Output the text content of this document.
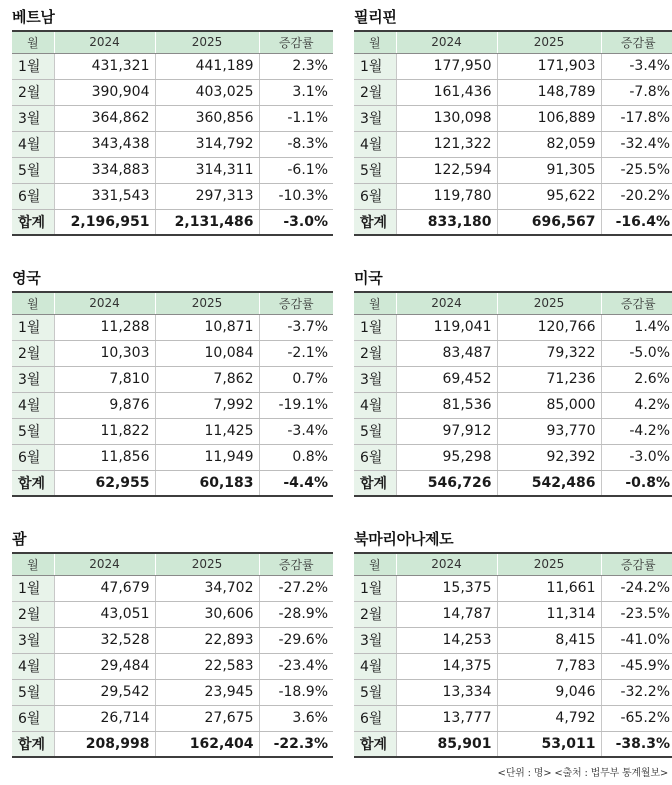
베트남
월	2024	2025	증감률
1월	431,321	441,189	2.3%
2월	390,904	403,025	3.1%
3월	364,862	360,856	-1.1%
4월	343,438	314,792	-8.3%
5월	334,883	314,311	-6.1%
6월	331,543	297,313	-10.3%
합계	2,196,951	2,131,486	-3.0%
필리핀
월	2024	2025	증감률
1월	177,950	171,903	-3.4%
2월	161,436	148,789	-7.8%
3월	130,098	106,889	-17.8%
4월	121,322	82,059	-32.4%
5월	122,594	91,305	-25.5%
6월	119,780	95,622	-20.2%
합계	833,180	696,567	-16.4%
영국
월	2024	2025	증감률
1월	11,288	10,871	-3.7%
2월	10,303	10,084	-2.1%
3월	7,810	7,862	0.7%
4월	9,876	7,992	-19.1%
5월	11,822	11,425	-3.4%
6월	11,856	11,949	0.8%
합계	62,955	60,183	-4.4%
미국
월	2024	2025	증감률
1월	119,041	120,766	1.4%
2월	83,487	79,322	-5.0%
3월	69,452	71,236	2.6%
4월	81,536	85,000	4.2%
5월	97,912	93,770	-4.2%
6월	95,298	92,392	-3.0%
합계	546,726	542,486	-0.8%
괌
월	2024	2025	증감률
1월	47,679	34,702	-27.2%
2월	43,051	30,606	-28.9%
3월	32,528	22,893	-29.6%
4월	29,484	22,583	-23.4%
5월	29,542	23,945	-18.9%
6월	26,714	27,675	3.6%
합계	208,998	162,404	-22.3%
북마리아나제도
월	2024	2025	증감률
1월	15,375	11,661	-24.2%
2월	14,787	11,314	-23.5%
3월	14,253	8,415	-41.0%
4월	14,375	7,783	-45.9%
5월	13,334	9,046	-32.2%
6월	13,777	4,792	-65.2%
합계	85,901	53,011	-38.3%
<단위 : 명> <출처 : 법무부 통계월보>
